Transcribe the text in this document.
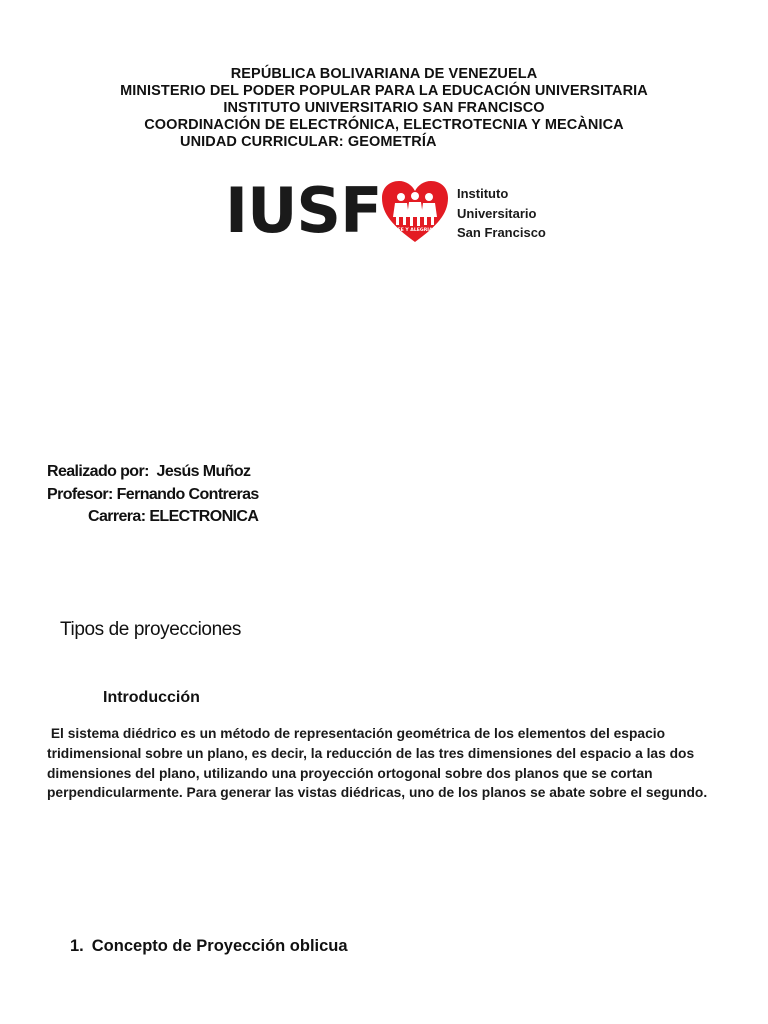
REPÚBLICA BOLIVARIANA DE VENEZUELA
MINISTERIO DEL PODER POPULAR PARA LA EDUCACIÓN UNIVERSITARIA
INSTITUTO UNIVERSITARIO SAN FRANCISCO
COORDINACIÓN DE ELECTRÓNICA, ELECTROTECNIA Y MECÀNICA
UNIDAD CURRICULAR: GEOMETRÍA
IUSF	FE Y ALEGRIA
Instituto
Universitario
San Francisco
Realizado por: Jesús Muñoz
Profesor: Fernando Contreras
Carrera: ELECTRONICA
Tipos de proyecciones
Introducción
El sistema diédrico es un método de representación geométrica de los elementos del espacio tridimensional sobre un plano, es decir, la reducción de las tres dimensiones del espacio a las dos dimensiones del plano, utilizando una proyección ortogonal sobre dos planos que se cortan perpendicularmente. Para generar las vistas diédricas, uno de los planos se abate sobre el segundo.
1. Concepto de Proyección oblicua
